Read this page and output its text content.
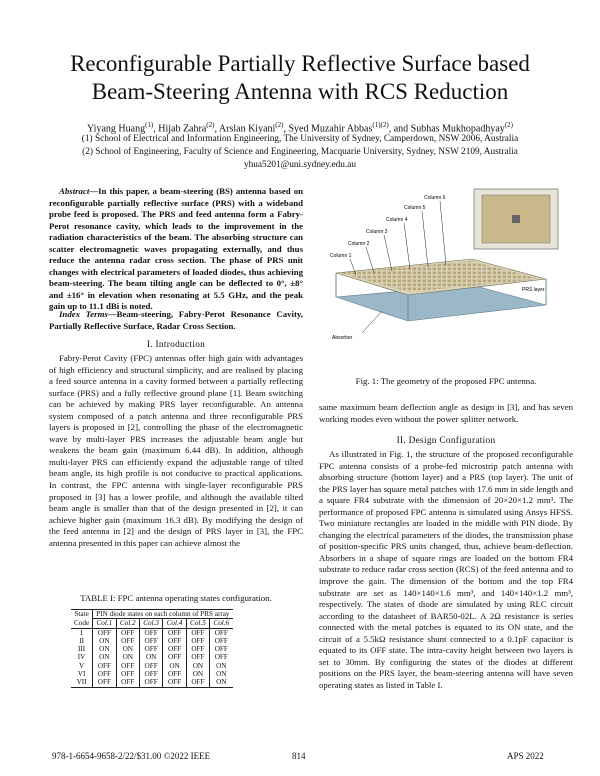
Reconfigurable Partially Reflective Surface based
Beam-Steering Antenna with RCS Reduction
Yiyang Huang$^{(1)}$, Hijab Zahra$^{(2)}$, Arslan Kiyani$^{(2)}$, Syed Muzahir Abbas$^{(1)(2)}$, and Subhas Mukhopadhyay$^{(2)}$
(1) School of Electrical and Information Engineering, The University of Sydney, Camperdown, NSW 2006, Australia
(2) School of Engineering, Faculty of Science and Engineering, Macquarie University, Sydney, NSW 2109, Australia
yhua5201@uni.sydney.edu.au

Abstract—In this paper, a beam-steering (BS) antenna based on reconfigurable partially reflective surface (PRS) with a wideband probe feed is proposed. The PRS and feed antenna form a Fabry-Perot resonance cavity, which leads to the improvement in the radiation characteristics of the beam. The absorbing structure can scatter electromagnetic waves propagating externally, and thus reduce the antenna radar cross section. The phase of PRS unit changes with electrical parameters of loaded diodes, thus achieving beam-steering. The beam tilting angle can be deflected to 0°, ±8° and ±16° in elevation when resonating at 5.5 GHz, and the peak gain up to 11.1 dBi is noted.

Index Terms—Beam-steering, Fabry-Perot Resonance Cavity, Partially Reflective Surface, Radar Cross Section.

I. Introduction

Fabry-Perot Cavity (FPC) antennas offer high gain with advantages of high efficiency and structural simplicity, and are realised by placing a feed source antenna in a cavity formed between a partially reflecting surface (PRS) and a fully reflective ground plane [1]. Beam switching can be achieved by making PRS layer reconfigurable. An antenna system composed of a patch antenna and three reconfigurable PRS layers is proposed in [2], controlling the phase of the electromagnetic wave by multi-layer PRS increases the adjustable beam angle but weakens the beam gain (maximum 6.44 dB). In addition, although multi-layer PRS can efficiently expand the adjustable range of tilted beam angle, its high profile is not conducive to practical applications. In contrast, the FPC antenna with single-layer reconfigurable PRS proposed in [3] has a lower profile, and although the available tilted beam angle is smaller than that of the design presented in [2], it can achieve higher gain (maximum 16.3 dB). By modifying the design of the feed antenna in [2] and the design of PRS layer in [3], the FPC antenna presented in this paper can achieve almost the

TABLE I: FPC antenna operating states configuration.
State	PIN diode states on each column of PRS array					
Code	Col.1	Col.2	Col.3	Col.4	Col.5	Col.6
I	OFF	OFF	OFF	OFF	OFF	OFF
II	ON	OFF	OFF	OFF	OFF	OFF
III	ON	ON	OFF	OFF	OFF	OFF
IV	ON	ON	ON	OFF	OFF	OFF
V	OFF	OFF	OFF	ON	ON	ON
VI	OFF	OFF	OFF	OFF	ON	ON
VII	OFF	OFF	OFF	OFF	OFF	ON
Column 1
Column 2
Column 3
Column 4
Column 5
Column 6
PRS layer
Absorber
Fig. 1: The geometry of the proposed FPC antenna.

same maximum beam deflection angle as design in [3], and has seven working modes even without the power splitter network.

II. Design Configuration

As illustrated in Fig. 1, the structure of the proposed reconfigurable FPC antenna consists of a probe-fed microstrip patch antenna with absorbing structure (bottom layer) and a PRS (top layer). The unit of the PRS layer has square metal patches with 17.6 mm in side length and a square FR4 substrate with the dimension of 20×20×1.2 mm³. The performance of proposed FPC antenna is simulated using Ansys HFSS. Two miniature rectangles are loaded in the middle with PIN diode. By changing the electrical parameters of the diodes, the transmission phase of position-specific PRS units changed, thus, achieve beam-deflection. Absorbers in a shape of square rings are loaded on the bottom FR4 substrate to reduce radar cross section (RCS) of the feed antenna and to improve the gain. The dimension of the bottom and the top FR4 substrate are set as 140×140×1.6 mm³, and 140×140×1.2 mm³, respectively. The states of diode are simulated by using RLC circuit according to the datasheet of BAR50-02L. A 2Ω resistance is series connected with the metal patches is equated to its ON state, and the circuit of a 5.5kΩ resistance shunt connected to a 0.1pF capacitor is equated to its OFF state. The intra-cavity height between two layers is set to 30mm. By configuring the states of the diodes at different positions on the PRS layer, the beam-steering antenna will have seven operating states as listed in Table I.

978-1-6654-9658-2/22/$31.00 ©2022 IEEE	814	APS 2022
